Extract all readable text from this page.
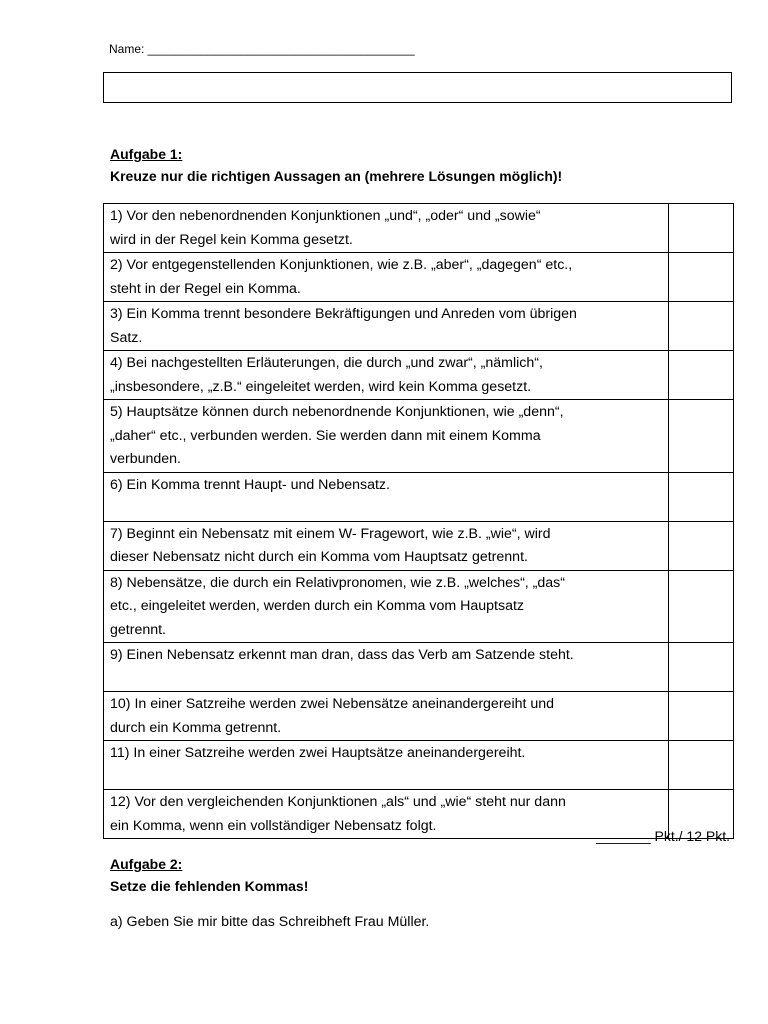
Name: ________________________________________
Aufgabe 1:
Kreuze nur die richtigen Aussagen an (mehrere Lösungen möglich)!
1) Vor den nebenordnenden Konjunktionen „und“, „oder“ und „sowie“
wird in der Regel kein Komma gesetzt.	

2) Vor entgegenstellenden Konjunktionen, wie z.B. „aber“, „dagegen“ etc.,
steht in der Regel ein Komma.	

3) Ein Komma trennt besondere Bekräftigungen und Anreden vom übrigen
Satz.	

4) Bei nachgestellten Erläuterungen, die durch „und zwar“, „nämlich“,
„insbesondere, „z.B.“ eingeleitet werden, wird kein Komma gesetzt.	

5) Hauptsätze können durch nebenordnende Konjunktionen, wie „denn“,
„daher“ etc., verbunden werden. Sie werden dann mit einem Komma
verbunden.	

6) Ein Komma trennt Haupt- und Nebensatz.	

7) Beginnt ein Nebensatz mit einem W- Fragewort, wie z.B. „wie“, wird
dieser Nebensatz nicht durch ein Komma vom Hauptsatz getrennt.	

8) Nebensätze, die durch ein Relativpronomen, wie z.B. „welches“, „das“
etc., eingeleitet werden, werden durch ein Komma vom Hauptsatz
getrennt.	

9) Einen Nebensatz erkennt man dran, dass das Verb am Satzende steht.	

10) In einer Satzreihe werden zwei Nebensätze aneinandergereiht und
durch ein Komma getrennt.	

11) In einer Satzreihe werden zwei Hauptsätze aneinandergereiht.	

12) Vor den vergleichenden Konjunktionen „als“ und „wie“ steht nur dann
ein Komma, wenn ein vollständiger Nebensatz folgt.	

_______ Pkt./ 12 Pkt.
Aufgabe 2:
Setze die fehlenden Kommas!
a) Geben Sie mir bitte das Schreibheft Frau Müller.
